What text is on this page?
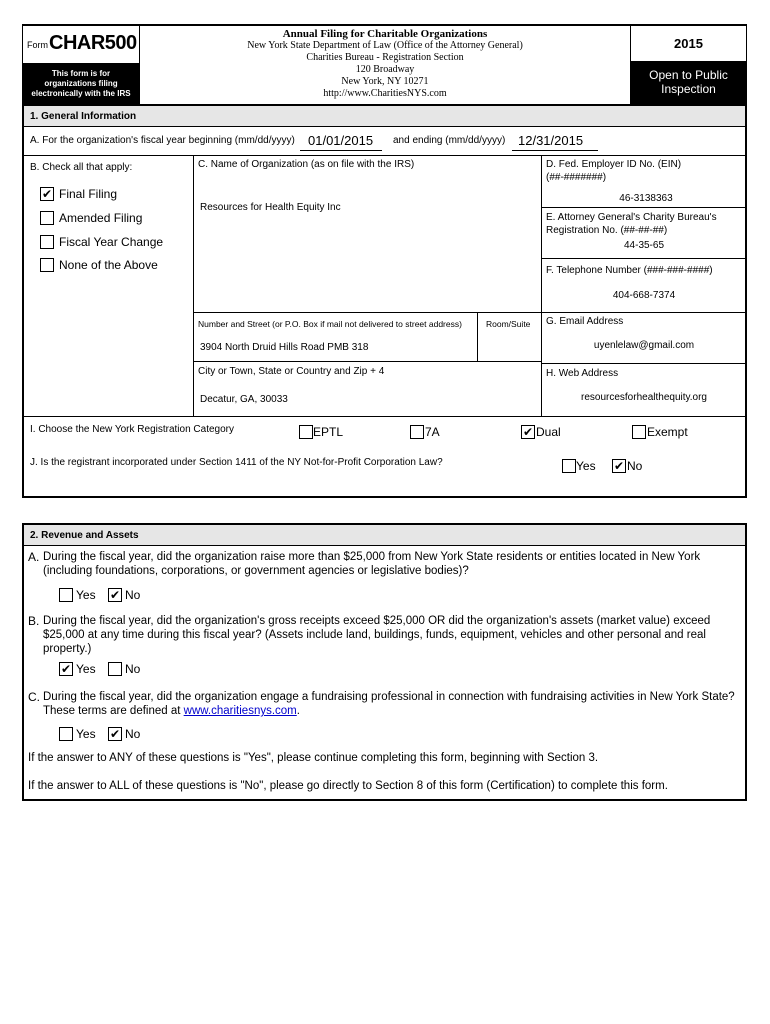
Form CHAR500
This form is for organizations filing electronically with the IRS
Annual Filing for Charitable Organizations
New York State Department of Law (Office of the Attorney General)
Charities Bureau - Registration Section
120 Broadway
New York, NY 10271
http://www.CharitiesNYS.com
2015
Open to Public Inspection
1. General Information
A. For the organization's fiscal year beginning (mm/dd/yyyy)	01/01/2015	and ending (mm/dd/yyyy) 12/31/2015
B. Check all that apply:
✔ Final Filing
Amended Filing
Fiscal Year Change
None of the Above
C. Name of Organization (as on file with the IRS)
Resources for Health Equity Inc
D. Fed. Employer ID No. (EIN)
(##-#######)
46-3138363
E. Attorney General's Charity Bureau's Registration No. (##-##-##)
44-35-65
F. Telephone Number (###-###-####)
404-668-7374
Number and Street (or P.O. Box if mail not delivered to street address)	Room/Suite
3904 North Druid Hills Road PMB 318
G. Email Address
uyenlelaw@gmail.com
City or Town, State or Country and Zip + 4
Decatur, GA, 30033
H. Web Address
resourcesforhealthequity.org
I. Choose the New York Registration Category	EPTL	7A	✔ Dual	Exempt
J. Is the registrant incorporated under Section 1411 of the NY Not-for-Profit Corporation Law?	Yes ✔ No
2. Revenue and Assets
A. During the fiscal year, did the organization raise more than $25,000 from New York State residents or entities located in New York
(including foundations, corporations, or government agencies or legislative bodies)?
Yes ✔ No
B. During the fiscal year, did the organization's gross receipts exceed $25,000 OR did the organization's assets (market value) exceed
$25,000 at any time during this fiscal year? (Assets include land, buildings, funds, equipment, vehicles and other personal and real
property.)
✔ Yes No
C. During the fiscal year, did the organization engage a fundraising professional in connection with fundraising activities in New York State?
These terms are defined at www.charitiesnys.com.
Yes ✔ No
If the answer to ANY of these questions is "Yes", please continue completing this form, beginning with Section 3.
If the answer to ALL of these questions is "No", please go directly to Section 8 of this form (Certification) to complete this form.
